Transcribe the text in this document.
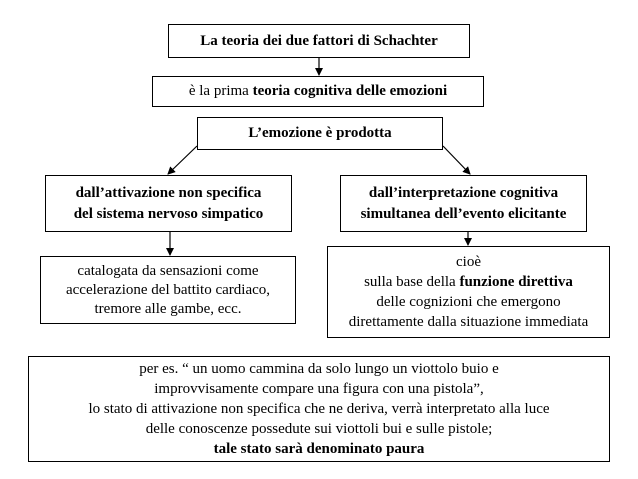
La teoria dei due fattori di Schachter
è la prima teoria cognitiva delle emozioni
L’emozione è prodotta
dall’attivazione non specifica
del sistema nervoso simpatico
dall’interpretazione cognitiva
simultanea dell’evento elicitante
catalogata da sensazioni come
accelerazione del battito cardiaco,
tremore alle gambe, ecc.
cioè
sulla base della funzione direttiva
delle cognizioni che emergono
direttamente dalla situazione immediata
per es. “ un uomo cammina da solo lungo un viottolo buio e
improvvisamente compare una figura con una pistola”,
lo stato di attivazione non specifica che ne deriva, verrà interpretato alla luce
delle conoscenze possedute sui viottoli bui e sulle pistole;
tale stato sarà denominato paura
